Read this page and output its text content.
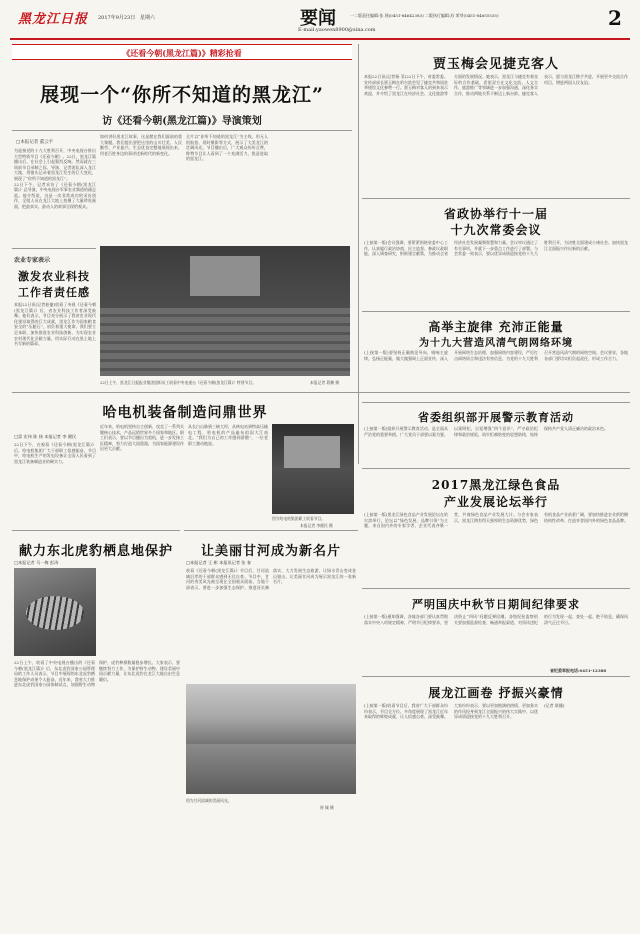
黑龙江日报 2017年9月23日 星期六	要闻
E-mail:yaowen8900@sina.com
一二版责任编辑:张 瑶(0451-84642383) 二版执行编辑:苏 茉莘(0451-84655535)	2
《还看今朝(黑龙江篇)》精彩抢看
展现一个“你所不知道的黑龙江”
访《还看今朝(黑龙江篇)》导演策划
□本报记者 董云平

为迎接党的十九大胜利召开，中央电视台推出大型特别节目《还看今朝》。22日，黑龙江篇播出后，在社会上引起强烈反响。然而就在三周前节目录制之际，导演、记者团队深入龙江大地，用镜头记录着黑龙江发生的巨大变化，展现了“你所不知道的黑龙江”。

22日下午，记者采访了《还看今朝(黑龙江篇)》总导演，中央电视台军事农业频道的副总监。他介绍说，这是一次非常成功的采访创作，全组人员在龙江大地上拍摄了大量珍贵画面，把最真实、最动人的故事呈现给观众。

如何讲好黑龙江故事，这是摆在我们面前的重大课题。我们提出要把这里的山川壮美、人民勤劳、产业振兴、生态优良完整地展现出来，用老百姓身边的事讲述新时代的新变化。

全片以“你所不知道的黑龙江”为主线，用无人机航拍、延时摄影等方式，展示了大美龙江的壮阔风光。节目播出后，广大观众纷纷点赞，称赞节目让人看到了一个充满活力、锐意进取的黑龙江。

22日上午，黑龙江日报报业集团组织员工收看中央电视台《还看今朝(黑龙江篇)》特别节目。	本报记者 葛鹏 摄
农业专家表示
激发农业科技
工作者责任感

本报22日讯(记者桂捷)收看了央视《还看今朝(黑龙江篇)》后，省农业科技工作者深受鼓舞。他们表示，节目充分展示了我省农业现代化建设取得的巨大成就，黑龙江作为国家粮食安全的“压舱石”，肩负着重大使命。我们要立足本职，加快推进农业科技创新，为实现农业农村现代化贡献力量，用实际行动在黑土地上书写新的篇章。

贾玉梅会见捷克客人

本报22日讯(记者杨 菲)22日下午，省委常委、宣传部部长贾玉梅在哈尔滨会见了捷克共和国驻华使馆文化参赞一行。贾玉梅对客人的到来表示欢迎，并介绍了黑龙江在经济社会、文化旅游等方面的发展情况。她表示，黑龙江与捷克有着良好的合作基础，希望双方在文化交流、人文合作、旅游推广等领域进一步加强沟通，深化务实合作，推动两地关系不断迈上新台阶。捷克客人表示，愿与黑龙江携手共进，开展更多交流合作项目，增进两国人民友谊。

省政协举行十一届
十九次常委会议

(上接第一版)会议强调，要紧紧围绕省委中心工作，认真履行政治协商、民主监督、参政议政职能，深入调查研究，积极建言献策，为推动全省经济社会发展凝聚智慧和力量。会议审议通过了有关事项，并就下一步重点工作进行了部署。与会常委一致表示，要以优异成绩迎接党的十九大胜利召开，为决胜全面建成小康社会、加快黑龙江全面振兴作出新的贡献。

高举主旋律 充沛正能量
为十九大营造风清气朗网络环境

(上接第一版)要坚持正确舆论导向，唱响主旋律，弘扬正能量，做大做强网上正面宣传，深入开展网络生态治理，加强网络内容建设，严厉打击网络谣言和违法有害信息，为党的十九大胜利召开营造风清气朗的网络空间。会议要求，各地各部门要切实担负起责任，形成工作合力。

省委组织部开展警示教育活动

(上接第一版)组织开展警示教育活动，是全面从严治党的重要举措。广大党员干部要以案为鉴、以案明纪，自觉增强“四个意识”，严守政治纪律和政治规矩，筑牢拒腐防变的思想防线，始终保持共产党人清正廉洁的政治本色。

2017黑龙江绿色食品
产业发展论坛举行

(上接第一版)黑龙江绿色食品产业发展论坛在哈尔滨举行。论坛以“绿色发展、品牌引领”为主题，来自国内外的专家学者、企业代表齐聚一堂，共商绿色食品产业发展大计。与会专家表示，黑龙江拥有得天独厚的生态资源优势，绿色有机食品产业前景广阔，要加快推进农业供给侧结构性改革，打造享誉国内外的绿色食品品牌。

严明国庆中秋节日期间纪律要求

(上接第一版)通知强调，各地各部门要认真贯彻落实中央八项规定精神，严明节日纪律要求，坚决防止“四风”问题反弹回潮。各级纪检监察机关要加强监督检查，畅通举报渠道，对顶风违纪的行为发现一起、查处一起，绝不姑息，确保风清气正过节日。

省纪委举报电话:0451-12388
哈电机装备制造问鼎世界
□富 宏伟 陈 扬 本报记者 李 健民

22日下午，在观看《还看今朝(黑龙江篇)》后，哈电机集团广大干部职工倍感振奋。节目中，哈电机生产的发电设备让全国人民看到了黑龙江装备制造业的硬实力。

近年来，哈电机坚持自主创新，攻克了一系列关键核心技术，产品远销世界多个国家和地区。职工们表示，要以节目播出为契机，进一步发扬工匠精神，努力打造大国重器，为国家能源建设作出更大贡献。

从长白山脉到三峡大坝，从核电站到特高压输电工程，哈电机的产品遍布祖国大江南北。“我们为自己的工作感到骄傲”，一位老职工激动地说。

图为哈电机集团职工收看节目。
本报记者 李健民 摄
献力东北虎豹栖息地保护
□本报记者 马一梅 彭涛

22日上午，收看了中央电视台播出的《还看今朝(黑龙江篇)》后，东北虎豹国家公园管理局的工作人员表示，节目中展现的东北虎豹栖息地保护成果令人振奋。近年来，我省大力推进东北虎豹国家公园体制试点，加强野生动物保护，虎豹种群数量稳步增长。大家表示，要继续努力工作，为保护野生动物、建设美丽中国贡献力量，让东北虎豹在龙江大地自由生息繁衍。

让美丽甘河成为新名片
□本报记者 王 彬 本报讯记者 张 春

收看《还看今朝(黑龙江篇)》节目后，甘河流域沿岸的干部群众感到无比自豪。节目中，甘河的秀美风光被呈现在全国观众面前。当地干部表示，要进一步加强生态保护，推进河长制落实，大力发展生态旅游，让绿水青山变成金山银山，让美丽甘河成为展示黑龙江的一张新名片。

图为甘河流域的美丽风光。
崔 铖 摄
展龙江画卷 抒振兴豪情

(上接第一版)收看节目后，我省广大干部群众纷纷表示，节目全方位、多角度展现了黑龙江近年来取得的辉煌成就，让人倍感自豪、深受鼓舞。大家纷纷表示，要以更加饱满的热情、更加务实的作风投身到龙江全面振兴的伟大实践中，以优异成绩迎接党的十九大胜利召开。

(记者 联播)
